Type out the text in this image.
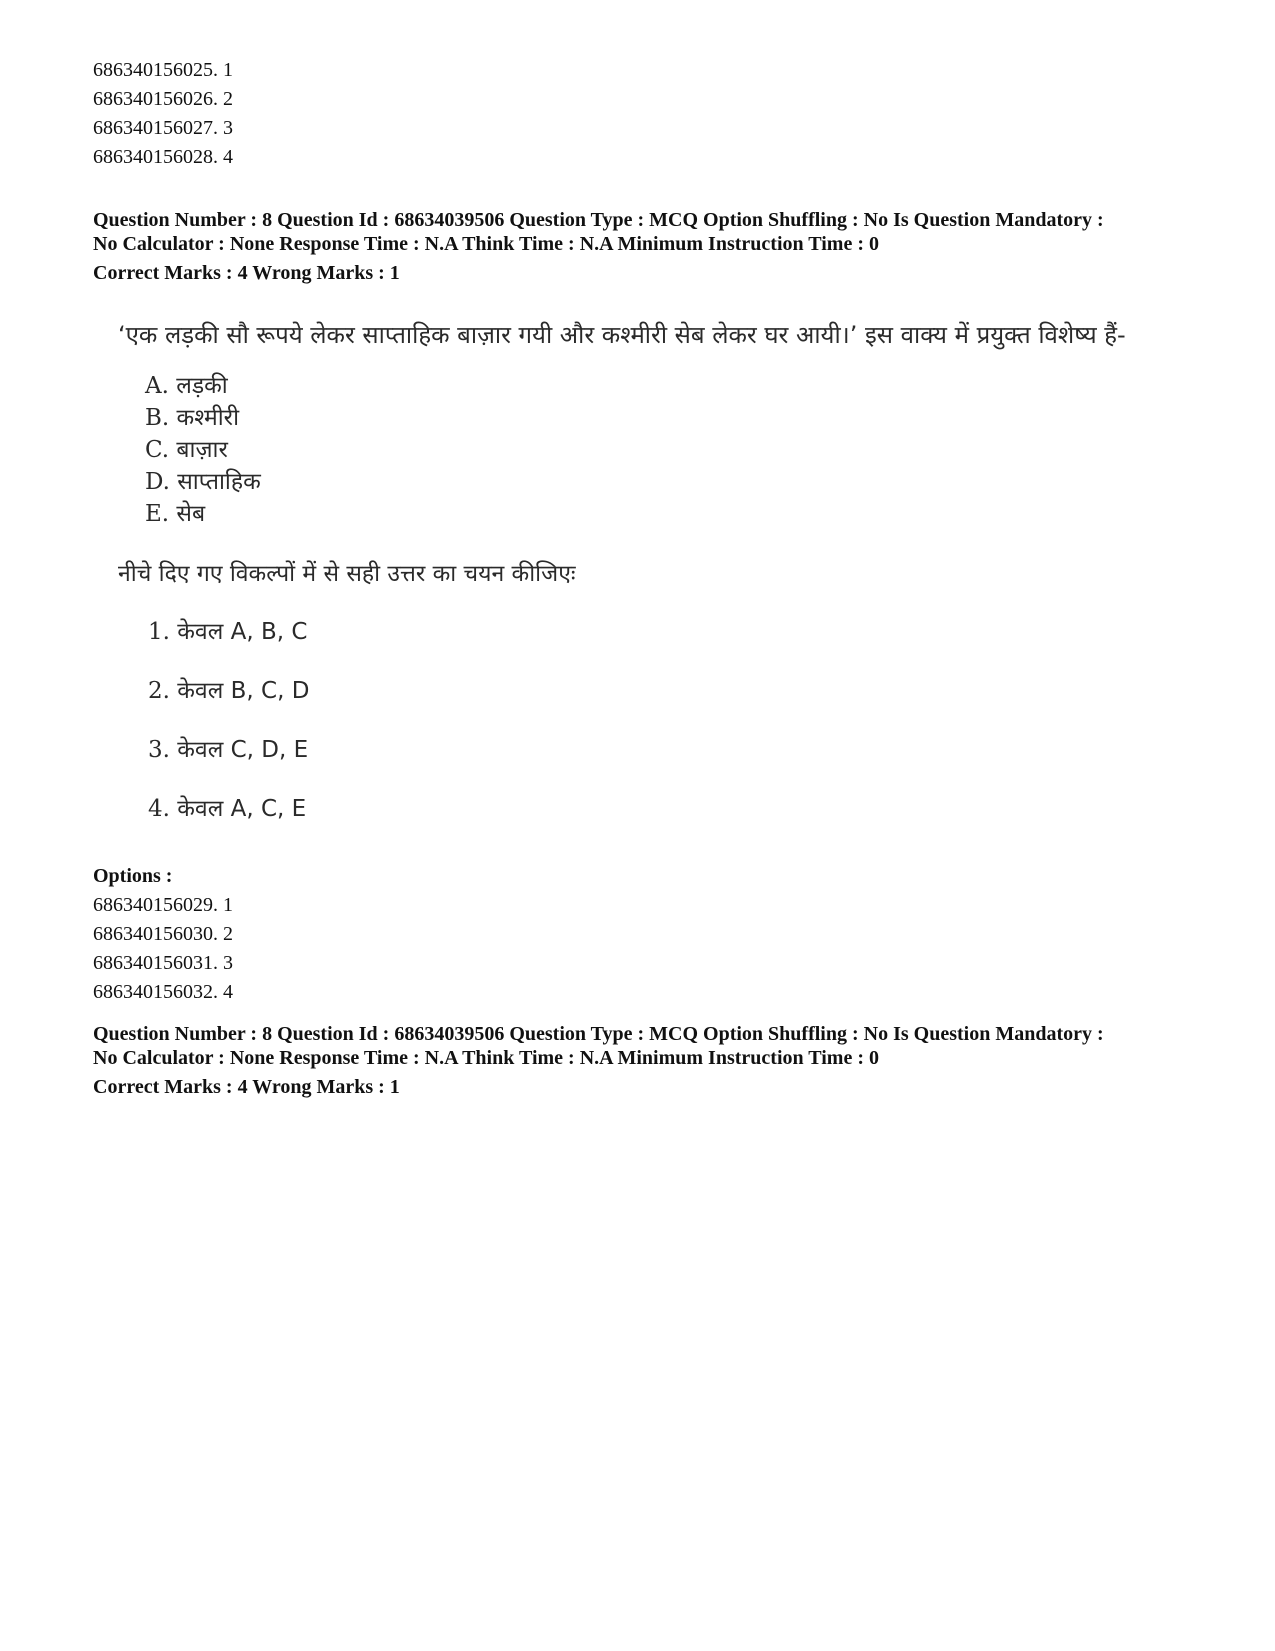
686340156025. 1
686340156026. 2
686340156027. 3
686340156028. 4
Question Number : 8 Question Id : 68634039506 Question Type : MCQ Option Shuffling : No Is Question Mandatory :
No Calculator : None Response Time : N.A Think Time : N.A Minimum Instruction Time : 0
Correct Marks : 4 Wrong Marks : 1
‘एक लड़की सौ रूपये लेकर साप्ताहिक बाज़ार गयी और कश्मीरी सेब लेकर घर आयी।’ इस वाक्य में प्रयुक्त विशेष्य हैं-
A. लड़की
B. कश्मीरी
C. बाज़ार
D. साप्ताहिक
E. सेब
नीचे दिए गए विकल्पों में से सही उत्तर का चयन कीजिएः
1. केवल A, B, C
2. केवल B, C, D
3. केवल C, D, E
4. केवल A, C, E
Options :
686340156029. 1
686340156030. 2
686340156031. 3
686340156032. 4
Question Number : 8 Question Id : 68634039506 Question Type : MCQ Option Shuffling : No Is Question Mandatory :
No Calculator : None Response Time : N.A Think Time : N.A Minimum Instruction Time : 0
Correct Marks : 4 Wrong Marks : 1
